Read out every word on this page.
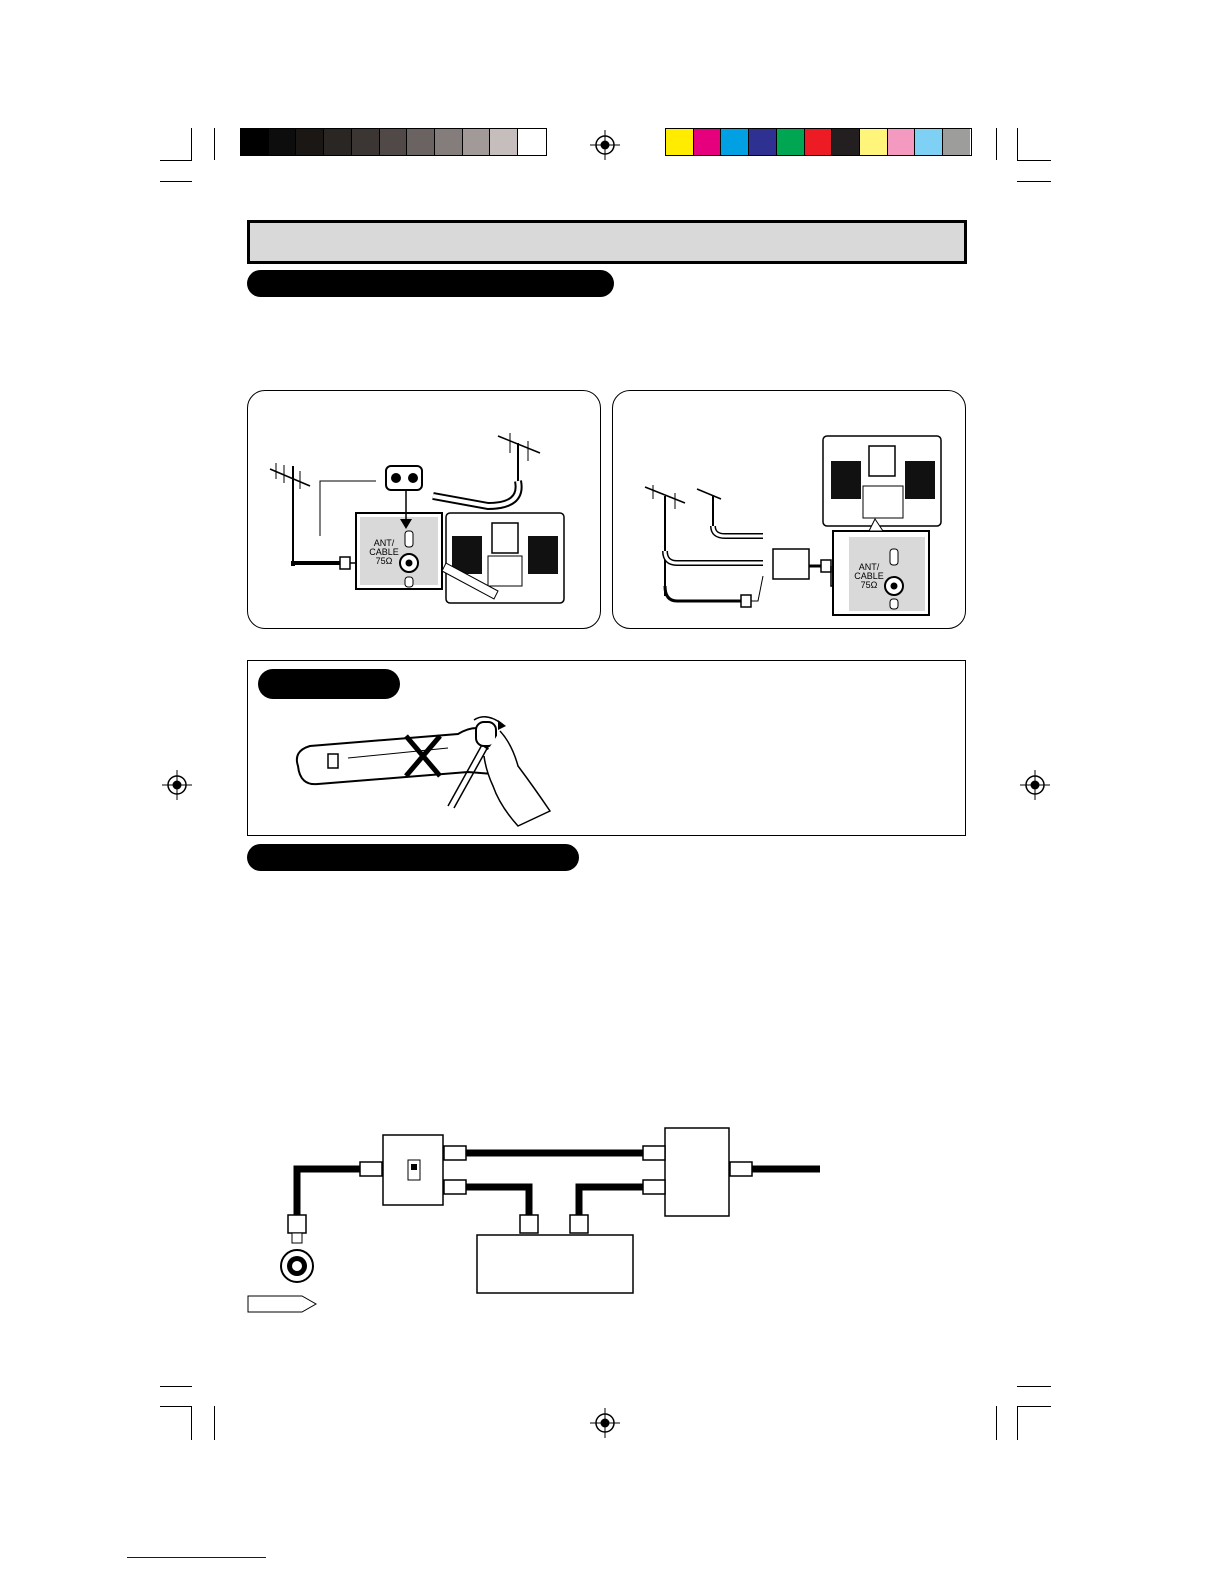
ANT/ CABLE 75Ω
ANT/ CABLE 75Ω
